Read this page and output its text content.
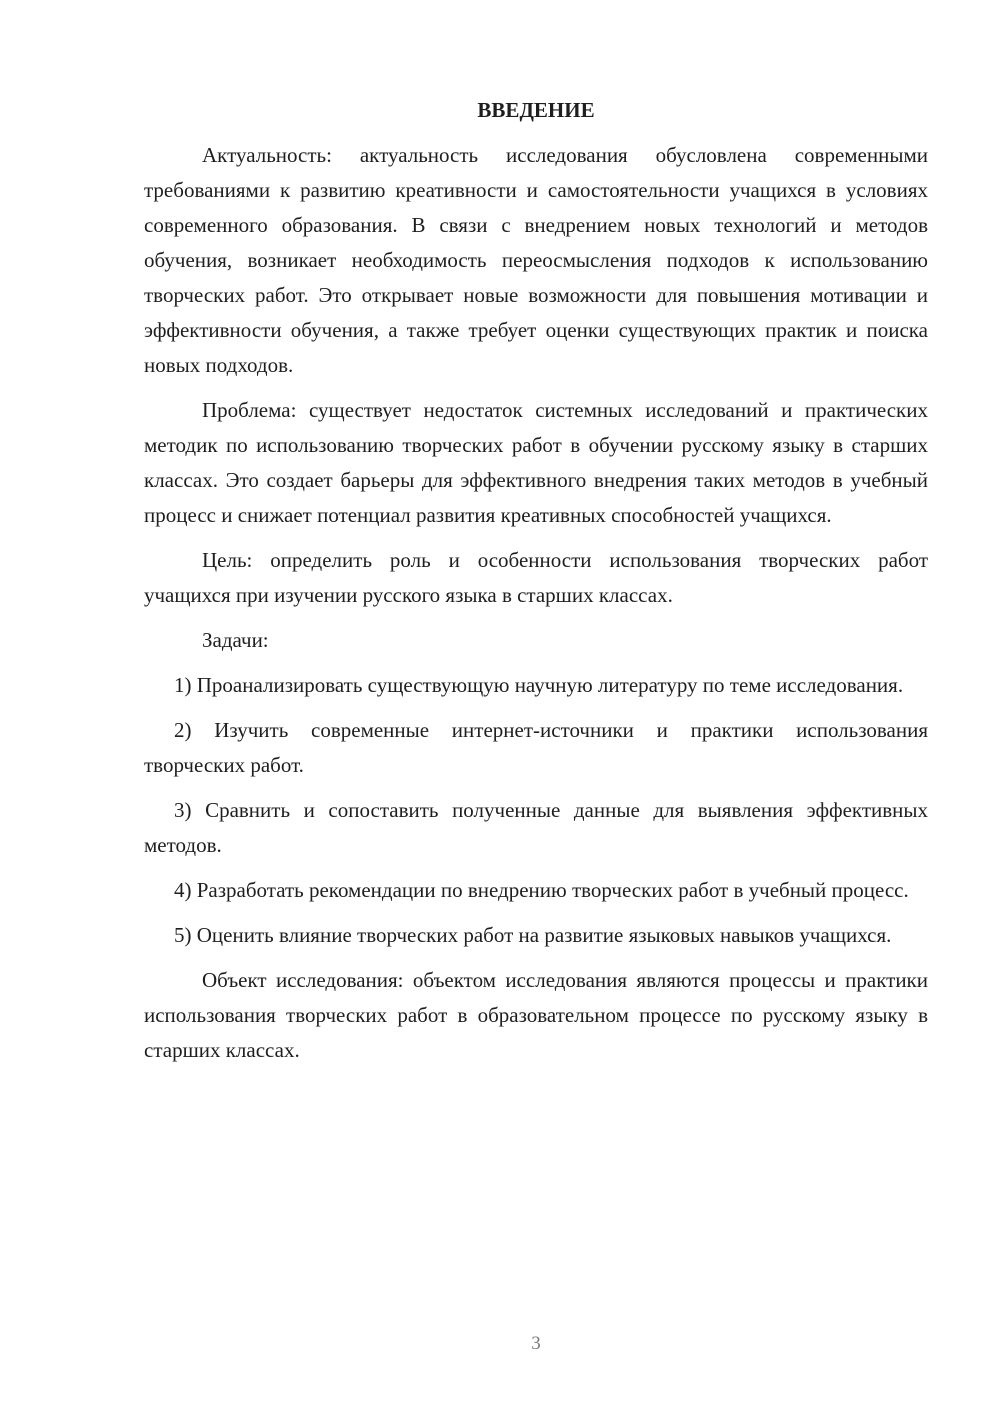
ВВЕДЕНИЕ

Актуальность: актуальность исследования обусловлена современными требованиями к развитию креативности и самостоятельности учащихся в условиях современного образования. В связи с внедрением новых технологий и методов обучения, возникает необходимость переосмысления подходов к использованию творческих работ. Это открывает новые возможности для повышения мотивации и эффективности обучения, а также требует оценки существующих практик и поиска новых подходов.

Проблема: существует недостаток системных исследований и практических методик по использованию творческих работ в обучении русскому языку в старших классах. Это создает барьеры для эффективного внедрения таких методов в учебный процесс и снижает потенциал развития креативных способностей учащихся.

Цель: определить роль и особенности использования творческих работ учащихся при изучении русского языка в старших классах.

Задачи:

1) Проанализировать существующую научную литературу по теме исследования.

2) Изучить современные интернет-источники и практики использования творческих работ.

3) Сравнить и сопоставить полученные данные для выявления эффективных методов.

4) Разработать рекомендации по внедрению творческих работ в учебный процесс.

5) Оценить влияние творческих работ на развитие языковых навыков учащихся.

Объект исследования: объектом исследования являются процессы и практики использования творческих работ в образовательном процессе по русскому языку в старших классах.

3
